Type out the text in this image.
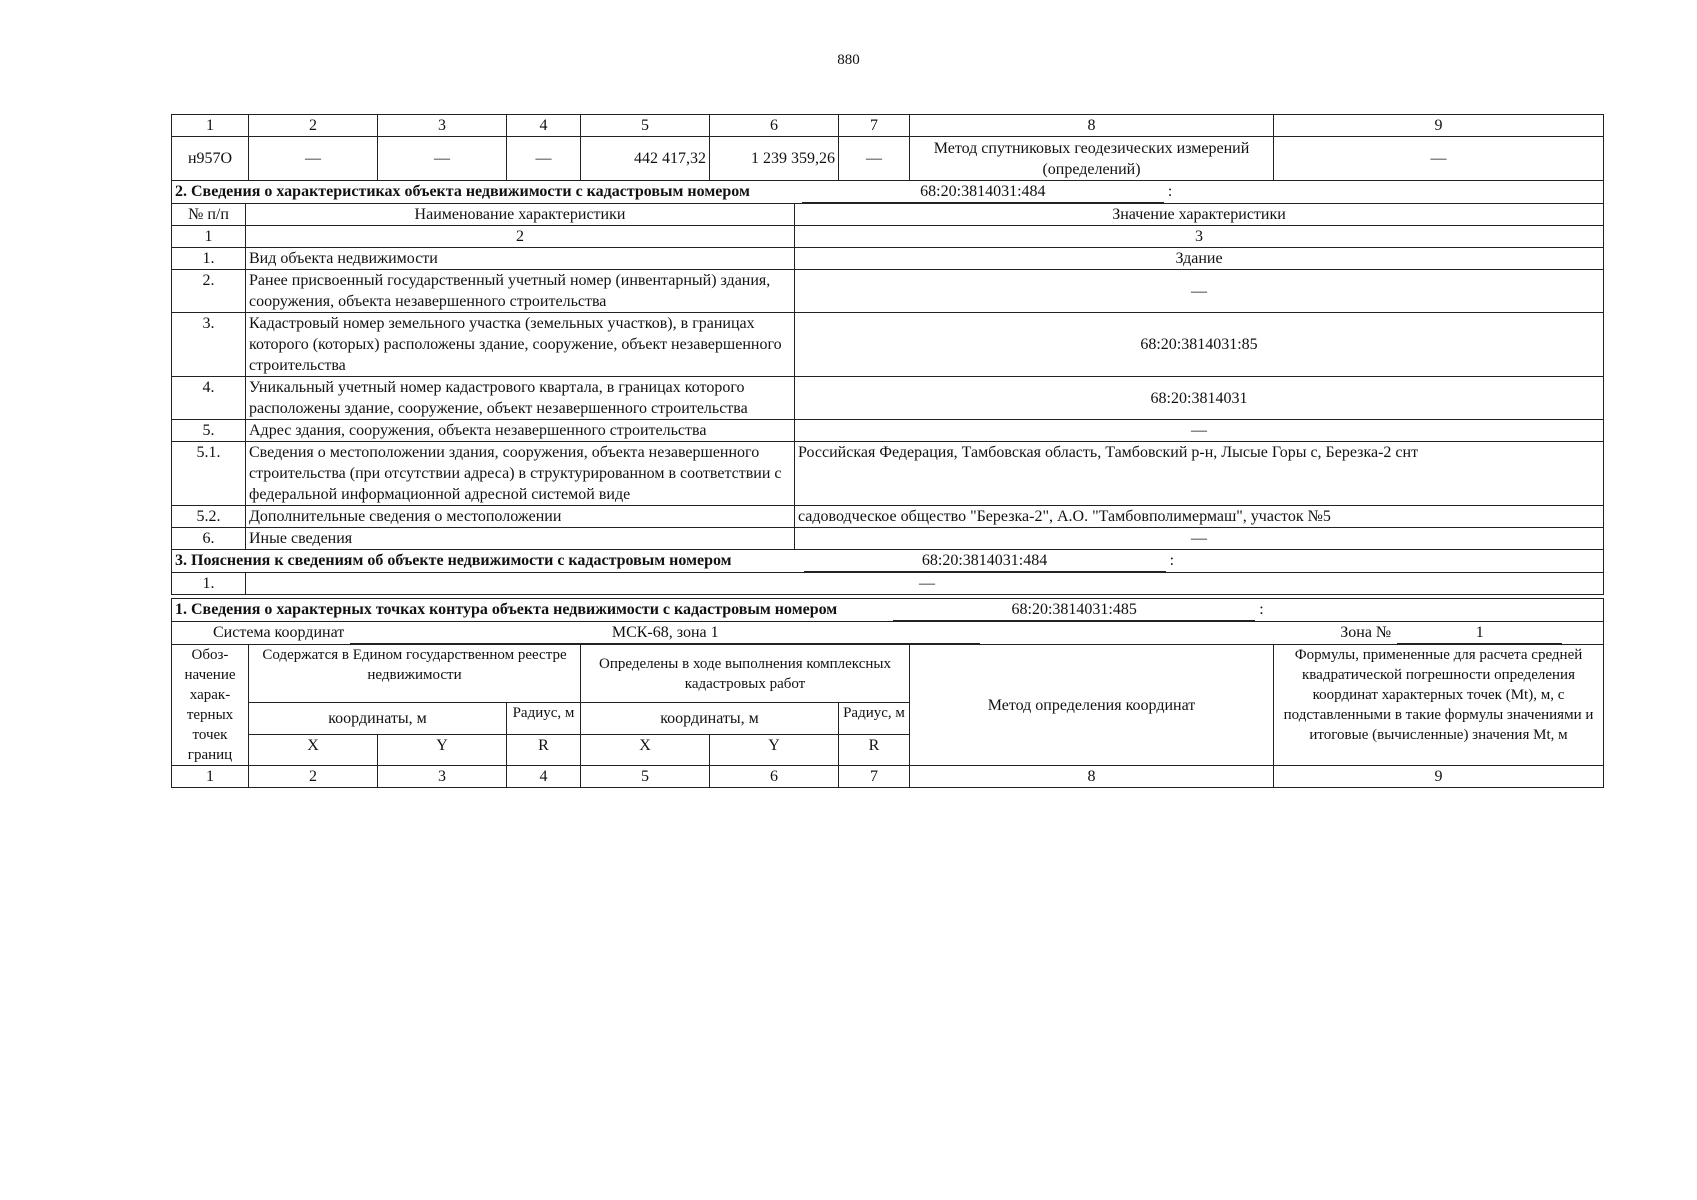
880
1	2	3	4	5	6	7	8	9
н957О	—	—	—	442 417,32	1 239 359,26	—	Метод спутниковых геодезических измерений (определений)	—
2. Сведения о характеристиках объекта недвижимости с кадастровым номером 68:20:3814031:484 :		
№ п/п	Наименование характеристики	Значение характеристики
1	2	3
1.	Вид объекта недвижимости	Здание
2.	Ранее присвоенный государственный учетный номер (инвентарный) здания, сооружения, объекта незавершенного строительства	—
3.	Кадастровый номер земельного участка (земельных участков), в границах которого (которых) расположены здание, сооружение, объект незавершенного строительства	68:20:3814031:85
4.	Уникальный учетный номер кадастрового квартала, в границах которого расположены здание, сооружение, объект незавершенного строительства	68:20:3814031
5.	Адрес здания, сооружения, объекта незавершенного строительства	—
5.1.	Сведения о местоположении здания, сооружения, объекта незавершенного строительства (при отсутствии адреса) в структурированном в соответствии с федеральной информационной адресной системой виде	Российская Федерация, Тамбовская область, Тамбовский р-н, Лысые Горы с, Березка-2 снт
5.2.	Дополнительные сведения о местоположении	садоводческое общество "Березка-2", А.О. "Тамбовполимермаш", участок №5
6.	Иные сведения	—
3. Пояснения к сведениям об объекте недвижимости с кадастровым номером	68:20:3814031:484	:
1.	—

1. Сведения о характерных точках контура объекта недвижимости с кадастровым номером 68:20:3814031:485 :								
Система координат МСК-68, зона 1 Зона № 1								
Обоз-начение харак-терных точек границ	Содержатся в Едином государственном реестре недвижимости			Определены в ходе выполнения комплексных кадастровых работ			Метод определения координат	Формулы, примененные для расчета средней квадратической погрешности определения координат характерных точек (Mt), м, с подставленными в такие формулы значениями и итоговые (вычисленные) значения Mt, м
	координаты, м		Радиус, м	координаты, м		Радиус, м		
	X	Y	R	X	Y	R		
1	2	3	4	5	6	7	8	9
